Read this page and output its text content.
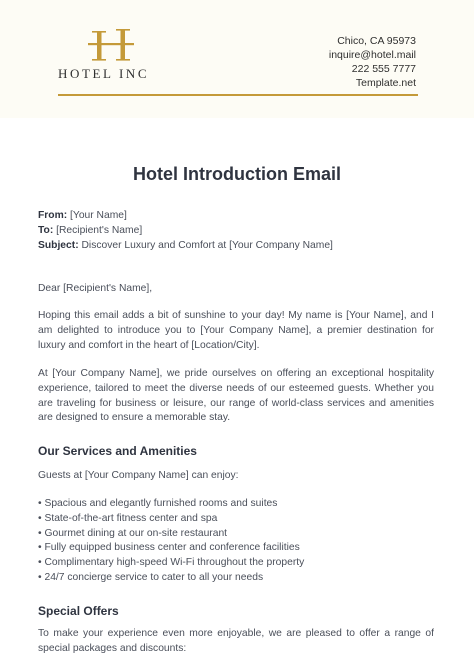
HOTEL INC
Chico, CA 95973
inquire@hotel.mail
222 555 7777
Template.net
Hotel Introduction Email
From: [Your Name]
To: [Recipient's Name]
Subject: Discover Luxury and Comfort at [Your Company Name]
Dear [Recipient's Name],
Hoping this email adds a bit of sunshine to your day! My name is [Your Name], and I am delighted to introduce you to [Your Company Name], a premier destination for luxury and comfort in the heart of [Location/City].
At [Your Company Name], we pride ourselves on offering an exceptional hospitality experience, tailored to meet the diverse needs of our esteemed guests. Whether you are traveling for business or leisure, our range of world-class services and amenities are designed to ensure a memorable stay.
Our Services and Amenities
Guests at [Your Company Name] can enjoy:
• Spacious and elegantly furnished rooms and suites
• State-of-the-art fitness center and spa
• Gourmet dining at our on-site restaurant
• Fully equipped business center and conference facilities
• Complimentary high-speed Wi-Fi throughout the property
• 24/7 concierge service to cater to all your needs
Special Offers
To make your experience even more enjoyable, we are pleased to offer a range of special packages and discounts:
